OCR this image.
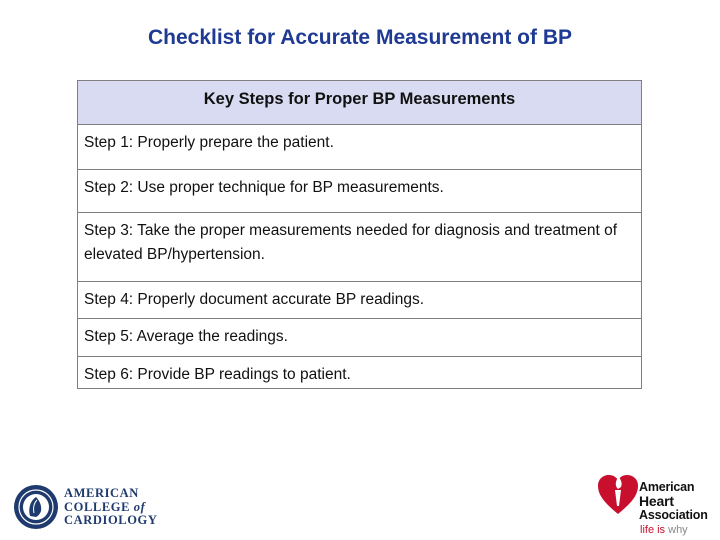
Checklist for Accurate Measurement of BP
Key Steps for Proper BP Measurements
Step 1: Properly prepare the patient.
Step 2: Use proper technique for BP measurements.
Step 3: Take the proper measurements needed for diagnosis and treatment of elevated BP/hypertension.
Step 4: Properly document accurate BP readings.
Step 5: Average the readings.
Step 6: Provide BP readings to patient.
AMERICAN
COLLEGE of
CARDIOLOGY
American
Heart
Association
life is why
